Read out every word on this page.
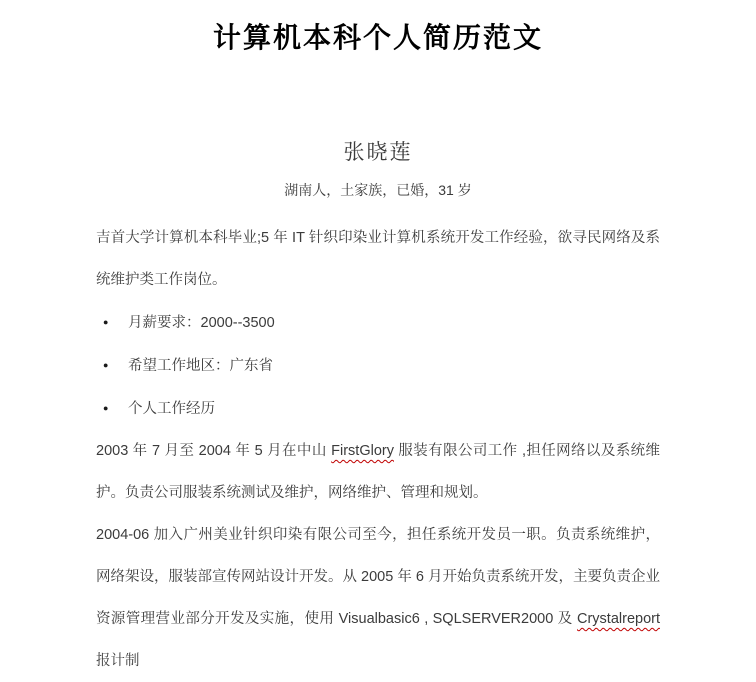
计算机本科个人简历范文
张晓莲
湖南人，土家族，已婚，31 岁

吉首大学计算机本科毕业;5 年 IT 针织印染业计算机系统开发工作经验，欲寻民网络及系统维护类工作岗位。

● 月薪要求：2000--3500
● 希望工作地区：广东省
● 个人工作经历

2003 年 7 月至 2004 年 5 月在中山 FirstGlory 服装有限公司工作 ,担任网络以及系统维护。负责公司服装系统测试及维护，网络维护、管理和规划。

2004-06 加入广州美业针织印染有限公司至今，担任系统开发员一职。负责系统维护，网络架设，服装部宣传网站设计开发。从 2005 年 6 月开始负责系统开发，主要负责企业资源管理营业部分开发及实施，使用 Visualbasic6 , SQLSERVER2000 及 Crystalreport 报计制
